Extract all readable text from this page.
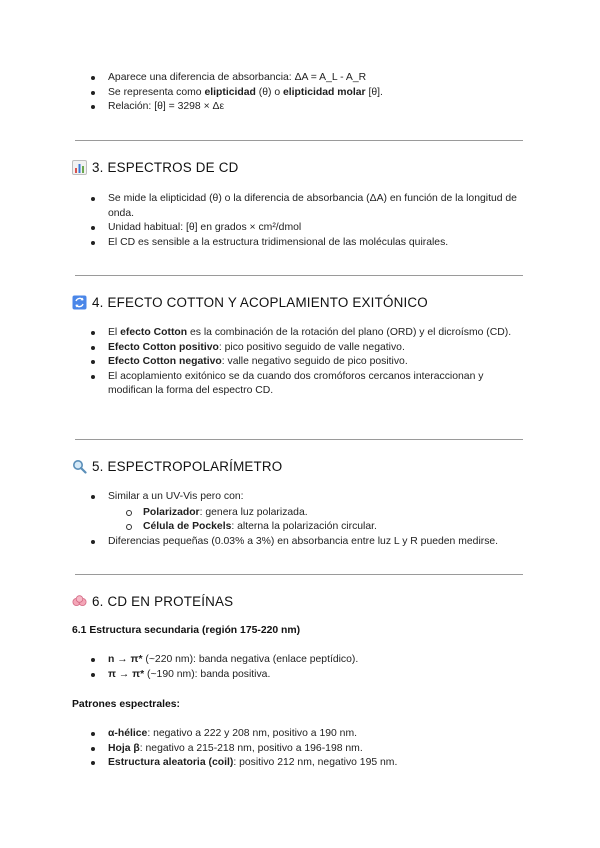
Aparece una diferencia de absorbancia: ΔA = A_L - A_R
Se representa como elipticidad (θ) o elipticidad molar [θ].
Relación: [θ] = 3298 × Δε
3. ESPECTROS DE CD
Se mide la elipticidad (θ) o la diferencia de absorbancia (ΔA) en función de la longitud de onda.
Unidad habitual: [θ] en grados × cm²/dmol
El CD es sensible a la estructura tridimensional de las moléculas quirales.
4. EFECTO COTTON Y ACOPLAMIENTO EXITÓNICO
El efecto Cotton es la combinación de la rotación del plano (ORD) y el dicroísmo (CD).
Efecto Cotton positivo: pico positivo seguido de valle negativo.
Efecto Cotton negativo: valle negativo seguido de pico positivo.
El acoplamiento exitónico se da cuando dos cromóforos cercanos interaccionan y modifican la forma del espectro CD.
5. ESPECTROPOLARÍMETRO
Similar a un UV-Vis pero con:
Polarizador: genera luz polarizada.
Célula de Pockels: alterna la polarización circular.
Diferencias pequeñas (0.03% a 3%) en absorbancia entre luz L y R pueden medirse.
6. CD EN PROTEÍNAS
6.1 Estructura secundaria (región 175-220 nm)
n → π* (~220 nm): banda negativa (enlace peptídico).
π → π* (~190 nm): banda positiva.
Patrones espectrales:
α-hélice: negativo a 222 y 208 nm, positivo a 190 nm.
Hoja β: negativo a 215-218 nm, positivo a 196-198 nm.
Estructura aleatoria (coil): positivo 212 nm, negativo 195 nm.
